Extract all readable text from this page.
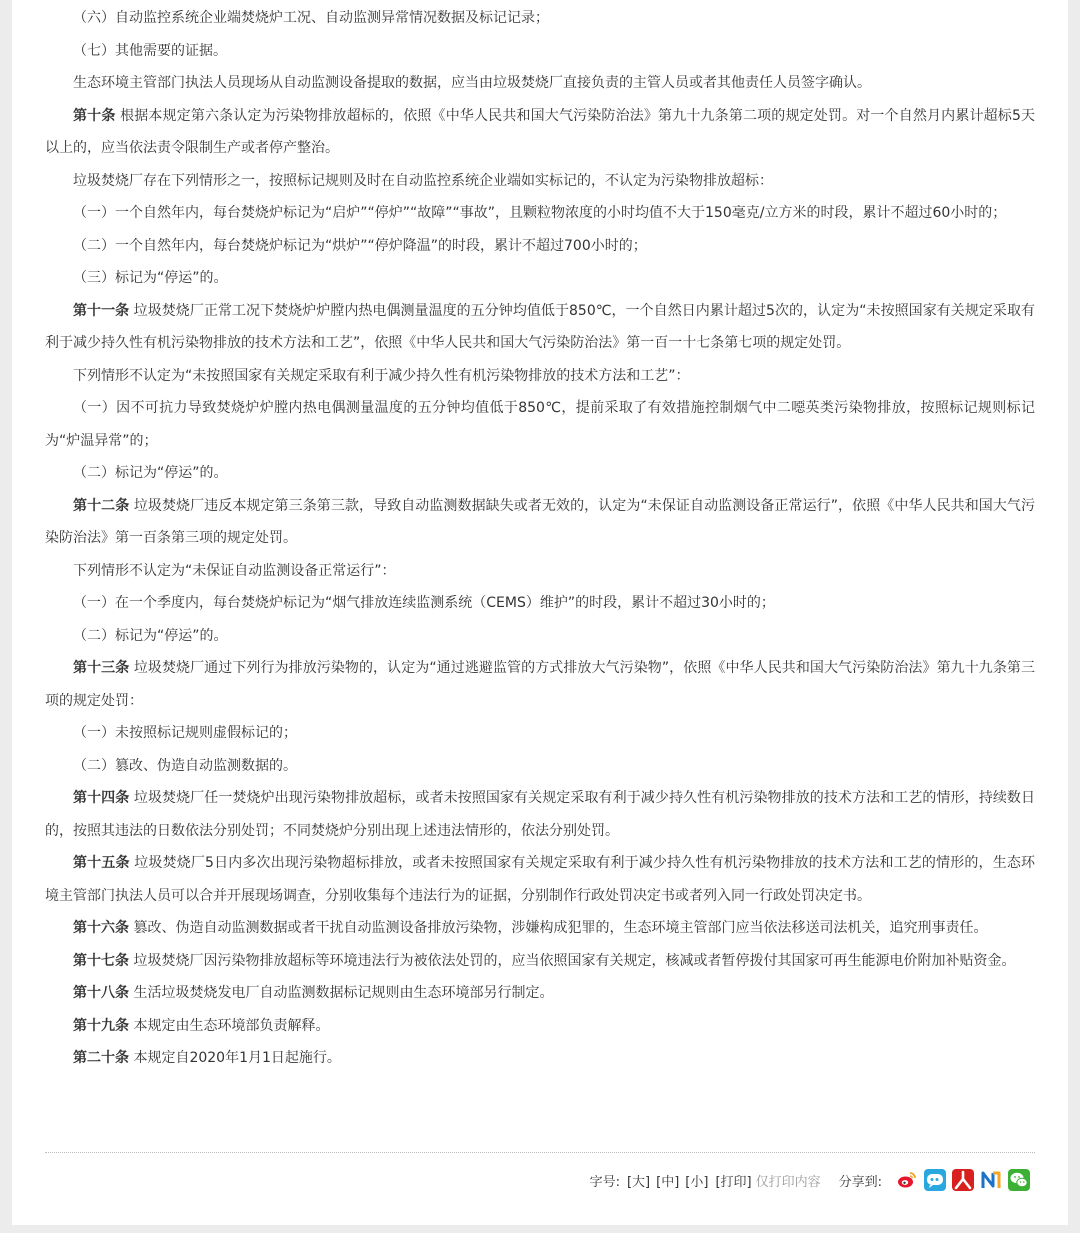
（六）自动监控系统企业端焚烧炉工况、自动监测异常情况数据及标记记录；

（七）其他需要的证据。

生态环境主管部门执法人员现场从自动监测设备提取的数据，应当由垃圾焚烧厂直接负责的主管人员或者其他责任人员签字确认。

第十条 根据本规定第六条认定为污染物排放超标的，依照《中华人民共和国大气污染防治法》第九十九条第二项的规定处罚。对一个自然月内累计超标5天以上的，应当依法责令限制生产或者停产整治。

垃圾焚烧厂存在下列情形之一，按照标记规则及时在自动监控系统企业端如实标记的，不认定为污染物排放超标：

（一）一个自然年内，每台焚烧炉标记为“启炉”“停炉”“故障”“事故”，且颗粒物浓度的小时均值不大于150毫克/立方米的时段，累计不超过60小时的；

（二）一个自然年内，每台焚烧炉标记为“烘炉”“停炉降温”的时段，累计不超过700小时的；

（三）标记为“停运”的。

第十一条 垃圾焚烧厂正常工况下焚烧炉炉膛内热电偶测量温度的五分钟均值低于850℃，一个自然日内累计超过5次的，认定为“未按照国家有关规定采取有利于减少持久性有机污染物排放的技术方法和工艺”，依照《中华人民共和国大气污染防治法》第一百一十七条第七项的规定处罚。

下列情形不认定为“未按照国家有关规定采取有利于减少持久性有机污染物排放的技术方法和工艺”：

（一）因不可抗力导致焚烧炉炉膛内热电偶测量温度的五分钟均值低于850℃，提前采取了有效措施控制烟气中二噁英类污染物排放，按照标记规则标记为“炉温异常”的；

（二）标记为“停运”的。

第十二条 垃圾焚烧厂违反本规定第三条第三款，导致自动监测数据缺失或者无效的，认定为“未保证自动监测设备正常运行”，依照《中华人民共和国大气污染防治法》第一百条第三项的规定处罚。

下列情形不认定为“未保证自动监测设备正常运行”：

（一）在一个季度内，每台焚烧炉标记为“烟气排放连续监测系统（CEMS）维护”的时段，累计不超过30小时的；

（二）标记为“停运”的。

第十三条 垃圾焚烧厂通过下列行为排放污染物的，认定为“通过逃避监管的方式排放大气污染物”，依照《中华人民共和国大气污染防治法》第九十九条第三项的规定处罚：

（一）未按照标记规则虚假标记的；

（二）篡改、伪造自动监测数据的。

第十四条 垃圾焚烧厂任一焚烧炉出现污染物排放超标，或者未按照国家有关规定采取有利于减少持久性有机污染物排放的技术方法和工艺的情形，持续数日的，按照其违法的日数依法分别处罚；不同焚烧炉分别出现上述违法情形的，依法分别处罚。

第十五条 垃圾焚烧厂5日内多次出现污染物超标排放，或者未按照国家有关规定采取有利于减少持久性有机污染物排放的技术方法和工艺的情形的，生态环境主管部门执法人员可以合并开展现场调查，分别收集每个违法行为的证据，分别制作行政处罚决定书或者列入同一行政处罚决定书。

第十六条 篡改、伪造自动监测数据或者干扰自动监测设备排放污染物，涉嫌构成犯罪的，生态环境主管部门应当依法移送司法机关，追究刑事责任。

第十七条 垃圾焚烧厂因污染物排放超标等环境违法行为被依法处罚的，应当依照国家有关规定，核减或者暂停拨付其国家可再生能源电价附加补贴资金。

第十八条 生活垃圾焚烧发电厂自动监测数据标记规则由生态环境部另行制定。

第十九条 本规定由生态环境部负责解释。

第二十条 本规定自2020年1月1日起施行。

字号: [大] [中] [小] [打印] 仅打印内容 分享到:
